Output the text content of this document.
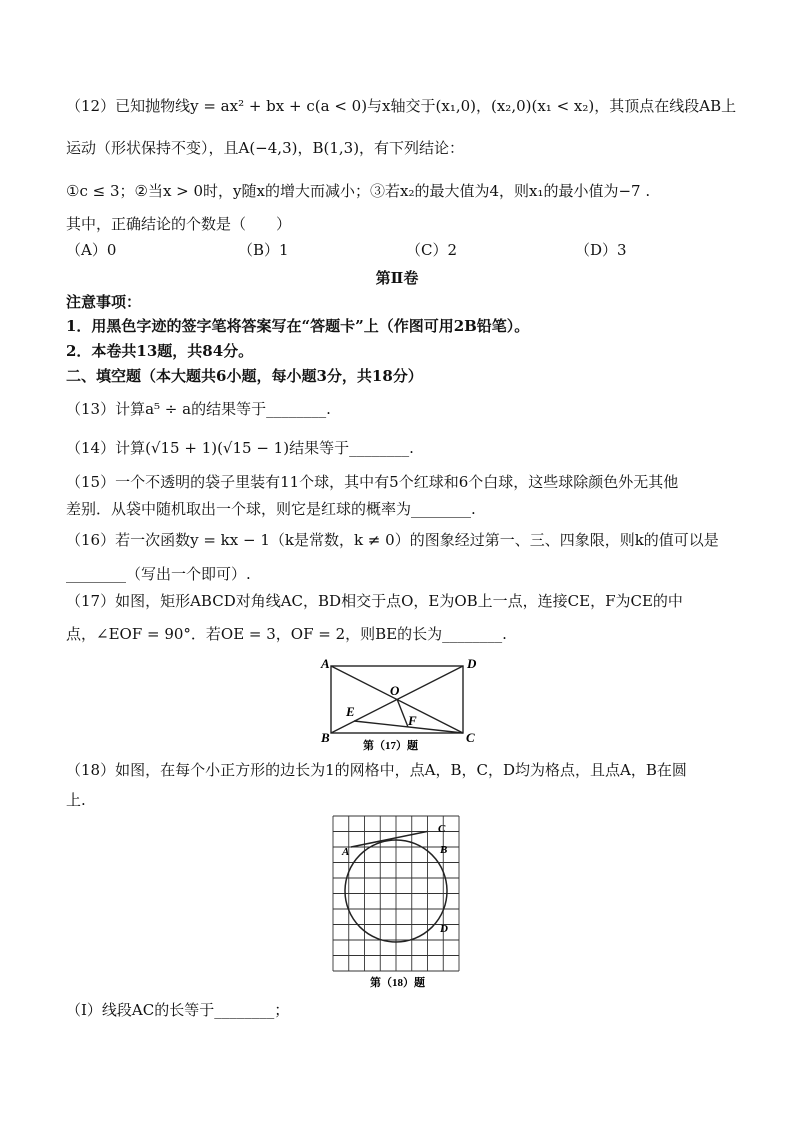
（12）已知抛物线y = ax² + bx + c(a < 0)与x轴交于(x₁,0)，(x₂,0)(x₁ < x₂)，其顶点在线段AB上
运动（形状保持不变），且A(−4,3)，B(1,3)，有下列结论：
①c ≤ 3；②当x > 0时，y随x的增大而减小；③若x₂的最大值为4，则x₁的最小值为−7 .
其中，正确结论的个数是（　　）
（A）0	（B）1	（C）2	（D）3
第Ⅱ卷
注意事项：
1．用黑色字迹的签字笔将答案写在“答题卡”上（作图可用2B铅笔）。
2．本卷共13题，共84分。
二、填空题（本大题共6小题，每小题3分，共18分）
（13）计算a⁵ ÷ a的结果等于________.
（14）计算(√15 + 1)(√15 − 1)结果等于________.
（15）一个不透明的袋子里装有11个球，其中有5个红球和6个白球，这些球除颜色外无其他
差别．从袋中随机取出一个球，则它是红球的概率为________.
（16）若一次函数y = kx − 1（k是常数，k ≠ 0）的图象经过第一、三、四象限，则k的值可以是
________（写出一个即可）.
（17）如图，矩形ABCD对角线AC，BD相交于点O，E为OB上一点，连接CE，F为CE的中
点，∠EOF = 90°．若OE = 3，OF = 2，则BE的长为________.
A	D
B	C
O
E
F
第（17）题
（18）如图，在每个小正方形的边长为1的网格中，点A，B，C，D均为格点，且点A，B在圆
上.
A	B
C
D
第（18）题
（Ⅰ）线段AC的长等于________；
